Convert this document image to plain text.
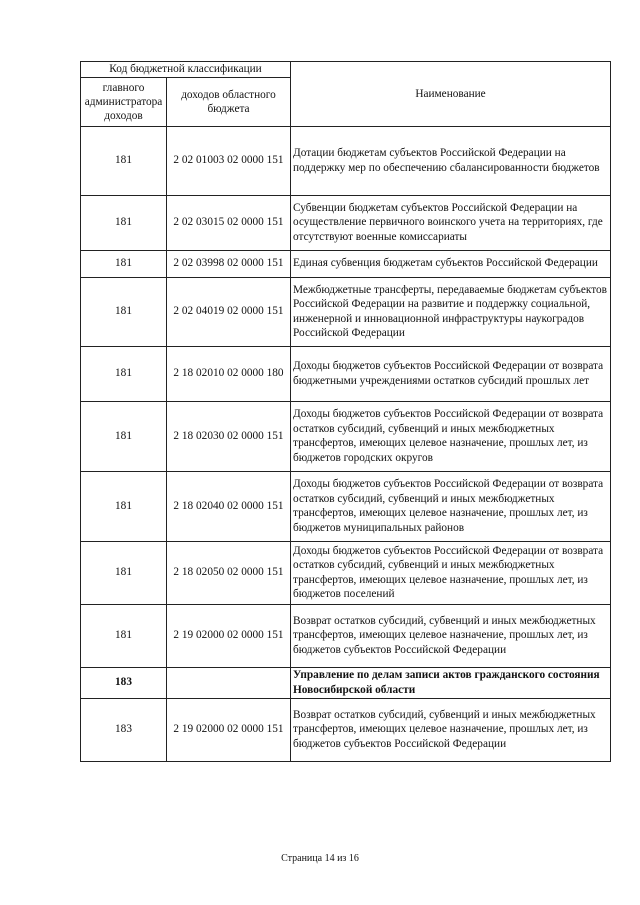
Код бюджетной классификации		Наименование
главного администратора доходов	доходов областного бюджета	
181	2 02 01003 02 0000 151	Дотации бюджетам субъектов Российской Федерации на поддержку мер по обеспечению сбалансированности бюджетов
181	2 02 03015 02 0000 151	Субвенции бюджетам субъектов Российской Федерации на осуществление первичного воинского учета на территориях, где отсутствуют военные комиссариаты
181	2 02 03998 02 0000 151	Единая субвенция бюджетам субъектов Российской Федерации
181	2 02 04019 02 0000 151	Межбюджетные трансферты, передаваемые бюджетам субъектов Российской Федерации на развитие и поддержку социальной, инженерной и инновационной инфраструктуры наукоградов Российской Федерации
181	2 18 02010 02 0000 180	Доходы бюджетов субъектов Российской Федерации от возврата бюджетными учреждениями остатков субсидий прошлых лет
181	2 18 02030 02 0000 151	Доходы бюджетов субъектов Российской Федерации от возврата остатков субсидий, субвенций и иных межбюджетных трансфертов, имеющих целевое назначение, прошлых лет, из бюджетов городских округов
181	2 18 02040 02 0000 151	Доходы бюджетов субъектов Российской Федерации от возврата остатков субсидий, субвенций и иных межбюджетных трансфертов, имеющих целевое назначение, прошлых лет, из бюджетов муниципальных районов
181	2 18 02050 02 0000 151	Доходы бюджетов субъектов Российской Федерации от возврата остатков субсидий, субвенций и иных межбюджетных трансфертов, имеющих целевое назначение, прошлых лет, из бюджетов поселений
181	2 19 02000 02 0000 151	Возврат остатков субсидий, субвенций и иных межбюджетных трансфертов, имеющих целевое назначение, прошлых лет, из бюджетов субъектов Российской Федерации
183		Управление по делам записи актов гражданского состояния Новосибирской области
183	2 19 02000 02 0000 151	Возврат остатков субсидий, субвенций и иных межбюджетных трансфертов, имеющих целевое назначение, прошлых лет, из бюджетов субъектов Российской Федерации
Страница 14 из 16
